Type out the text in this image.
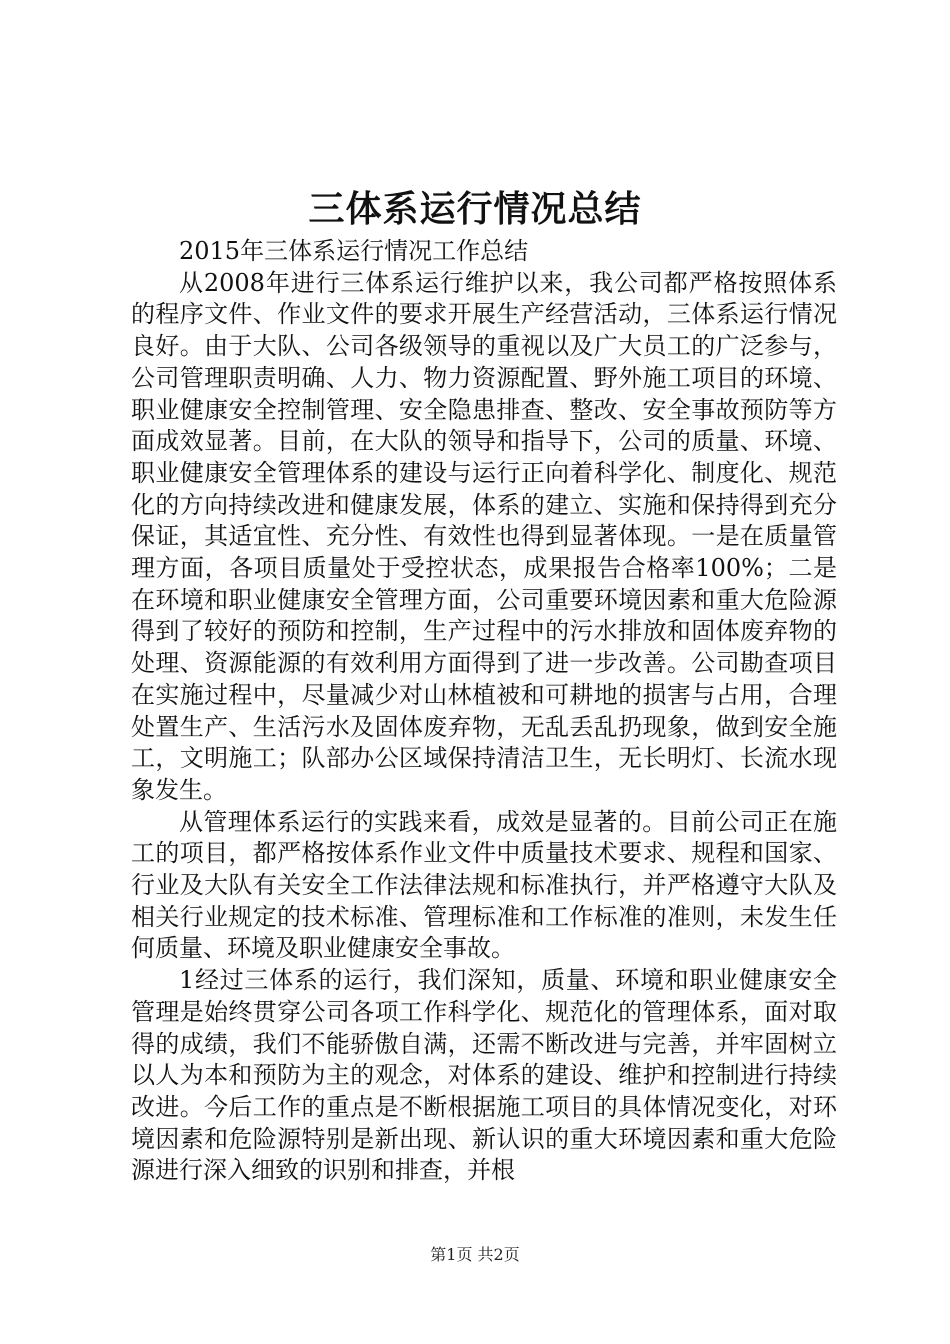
三体系运行情况总结

2015年三体系运行情况工作总结

从2008年进行三体系运行维护以来，我公司都严格按照体系的程序文件、作业文件的要求开展生产经营活动，三体系运行情况良好。由于大队、公司各级领导的重视以及广大员工的广泛参与，公司管理职责明确、人力、物力资源配置、野外施工项目的环境、职业健康安全控制管理、安全隐患排查、整改、安全事故预防等方面成效显著。目前，在大队的领导和指导下，公司的质量、环境、职业健康安全管理体系的建设与运行正向着科学化、制度化、规范化的方向持续改进和健康发展，体系的建立、实施和保持得到充分保证，其适宜性、充分性、有效性也得到显著体现。一是在质量管理方面，各项目质量处于受控状态，成果报告合格率100%；二是在环境和职业健康安全管理方面，公司重要环境因素和重大危险源得到了较好的预防和控制，生产过程中的污水排放和固体废弃物的处理、资源能源的有效利用方面得到了进一步改善。公司勘查项目在实施过程中，尽量减少对山林植被和可耕地的损害与占用，合理处置生产、生活污水及固体废弃物，无乱丢乱扔现象，做到安全施工，文明施工；队部办公区域保持清洁卫生，无长明灯、长流水现象发生。

从管理体系运行的实践来看，成效是显著的。目前公司正在施工的项目，都严格按体系作业文件中质量技术要求、规程和国家、行业及大队有关安全工作法律法规和标准执行，并严格遵守大队及相关行业规定的技术标准、管理标准和工作标准的准则，未发生任何质量、环境及职业健康安全事故。

1经过三体系的运行，我们深知，质量、环境和职业健康安全管理是始终贯穿公司各项工作科学化、规范化的管理体系，面对取得的成绩，我们不能骄傲自满，还需不断改进与完善，并牢固树立以人为本和预防为主的观念，对体系的建设、维护和控制进行持续改进。今后工作的重点是不断根据施工项目的具体情况变化，对环境因素和危险源特别是新出现、新认识的重大环境因素和重大危险源进行深入细致的识别和排查，并根

第1页 共2页
